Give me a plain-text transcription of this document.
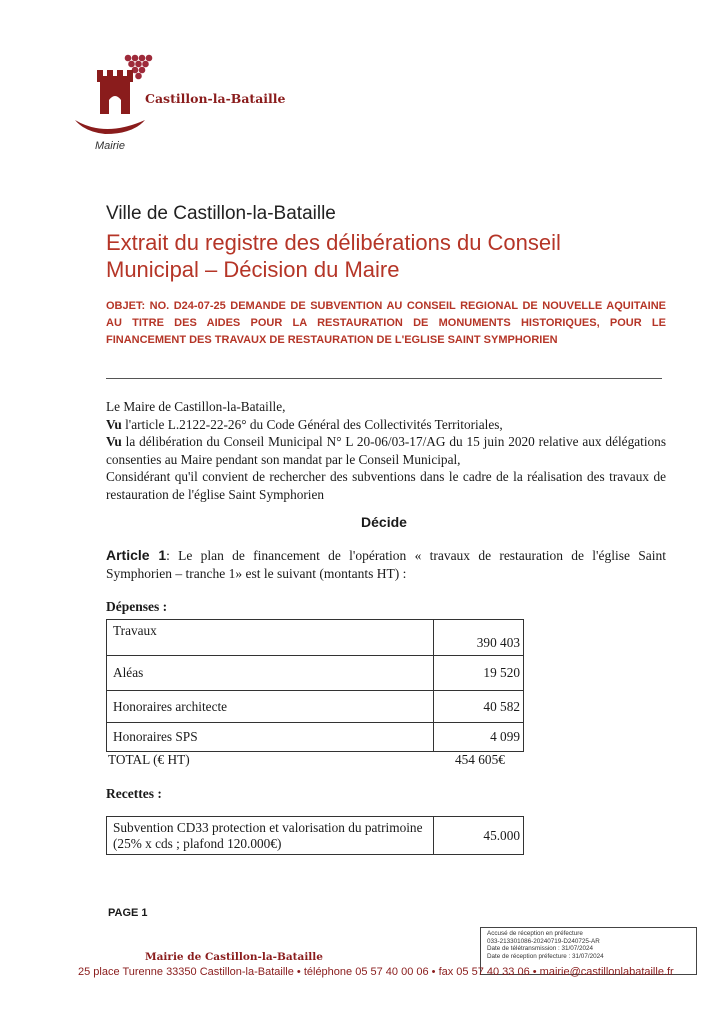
Castillon-la-Bataille
Mairie
Ville de Castillon-la-Bataille
Extrait du registre des délibérations du Conseil
Municipal – Décision du Maire
OBJET: NO. D24-07-25 DEMANDE DE SUBVENTION AU CONSEIL REGIONAL DE NOUVELLE AQUITAINE AU TITRE DES AIDES POUR LA RESTAURATION DE MONUMENTS HISTORIQUES, POUR LE FINANCEMENT DES TRAVAUX DE RESTAURATION DE L'EGLISE SAINT SYMPHORIEN

Le Maire de Castillon-la-Bataille,

Vu l'article L.2122-22-26° du Code Général des Collectivités Territoriales,

Vu la délibération du Conseil Municipal N° L 20-06/03-17/AG du 15 juin 2020 relative aux délégations consenties au Maire pendant son mandat par le Conseil Municipal,

Considérant qu'il convient de rechercher des subventions dans le cadre de la réalisation des travaux de restauration de l'église Saint Symphorien

Décide
Article 1: Le plan de financement de l'opération « travaux de restauration de l'église Saint Symphorien – tranche 1» est le suivant (montants HT) :
Dépenses :
Travaux	390 403
Aléas	19 520
Honoraires architecte	40 582
Honoraires SPS	4 099
TOTAL (€ HT)	454 605€
Recettes :
Subvention CD33 protection et valorisation du patrimoine (25% x cds ; plafond 120.000€)	45.000
PAGE 1
Accusé de réception en préfecture
033-213301086-20240719-D240725-AR
Date de télétransmission : 31/07/2024
Date de réception préfecture : 31/07/2024
Mairie de Castillon-la-Bataille
25 place Turenne 33350 Castillon-la-Bataille • téléphone 05 57 40 00 06 • fax 05 57 40 33 06 • mairie@castillonlabataille.fr
